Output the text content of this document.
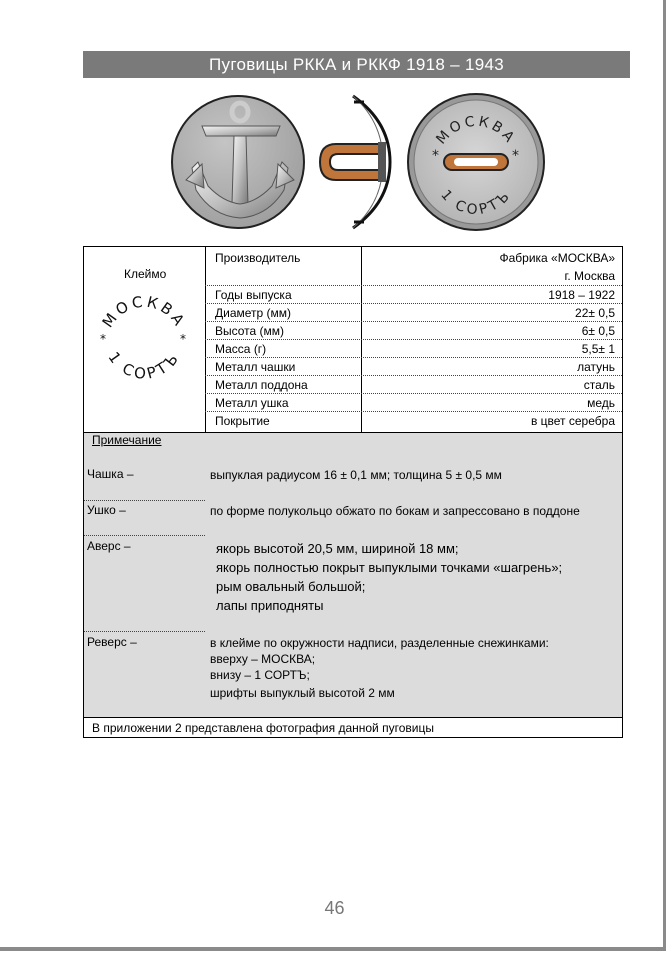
Пуговицы РККА и РККФ 1918 – 1943
МОСКВА
1 СОРТЪ
*	*
Клеймо
МОСКВА
1 СОРТЪ
*	*
Производитель	Фабрика «МОСКВА»
г. Москва
Годы выпуска	1918 – 1922
Диаметр (мм)	22± 0,5
Высота (мм)	6± 0,5
Масса (г)	5,5± 1
Металл чашки	латунь
Металл поддона	сталь
Металл ушка	медь
Покрытие	в цвет серебра
Примечание
Чашка –	выпуклая радиусом 16 ± 0,1 мм; толщина 5 ± 0,5 мм
Ушко –	по форме полукольцо обжато по бокам и запрессовано в поддоне
Аверс –	якорь высотой 20,5 мм, шириной 18 мм;
якорь полностью покрыт выпуклыми точками «шагрень»;
рым овальный большой;
лапы приподняты
Реверс –	в клейме по окружности надписи, разделенные снежинками:
вверху – МОСКВА;
внизу – 1 СОРТЪ;
шрифты выпуклый высотой 2 мм
В приложении 2 представлена фотография данной пуговицы
46
